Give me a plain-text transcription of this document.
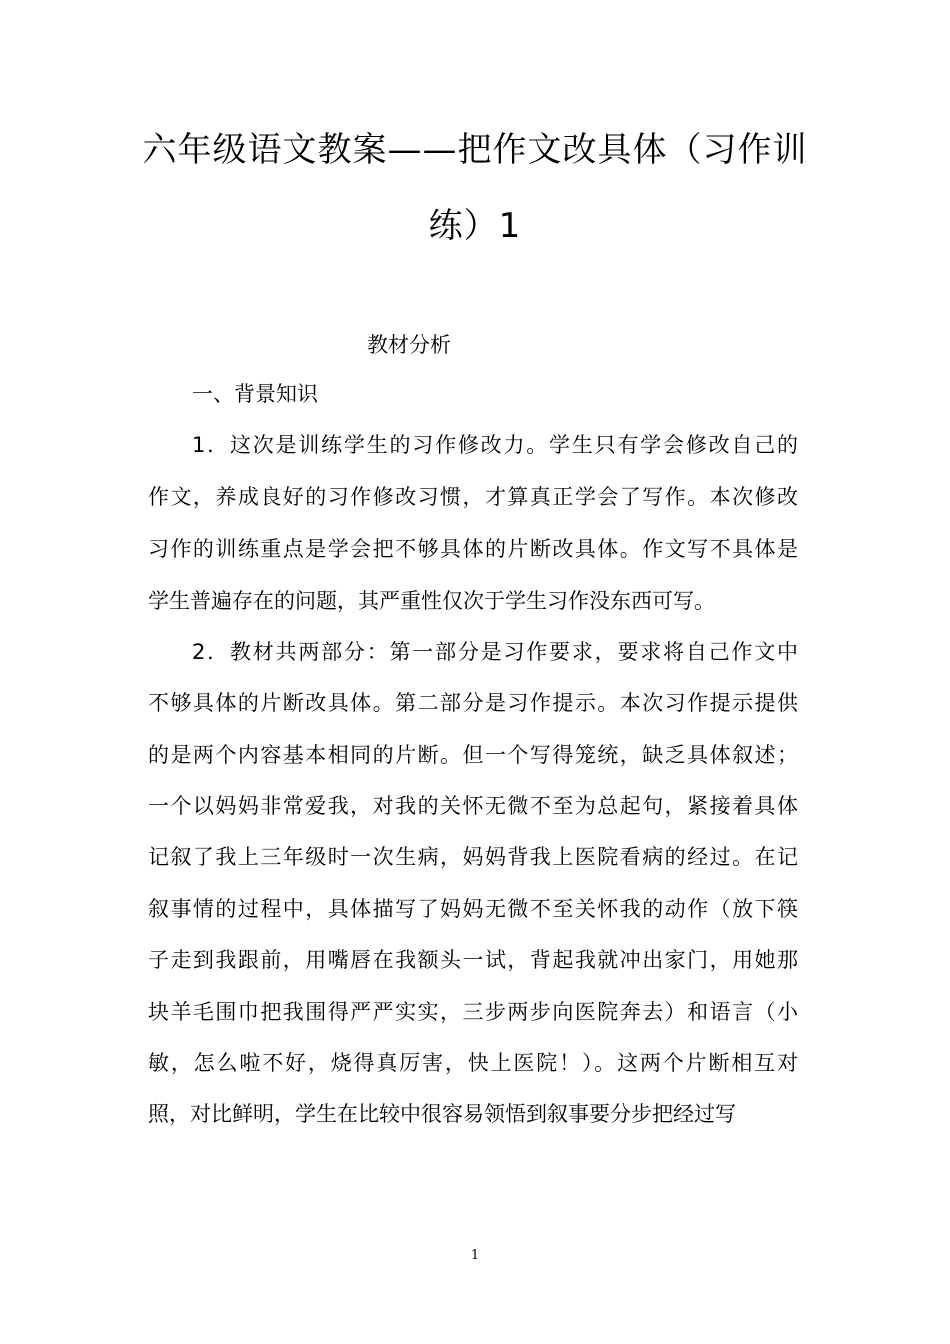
六年级语文教案——把作文改具体（习作训
练）1
教材分析
一、背景知识
1．这次是训练学生的习作修改力。学生只有学会修改自己的
作文，养成良好的习作修改习惯，才算真正学会了写作。本次修改
习作的训练重点是学会把不够具体的片断改具体。作文写不具体是
学生普遍存在的问题，其严重性仅次于学生习作没东西可写。
2．教材共两部分：第一部分是习作要求，要求将自己作文中
不够具体的片断改具体。第二部分是习作提示。本次习作提示提供
的是两个内容基本相同的片断。但一个写得笼统，缺乏具体叙述；
一个以妈妈非常爱我，对我的关怀无微不至为总起句，紧接着具体
记叙了我上三年级时一次生病，妈妈背我上医院看病的经过。在记
叙事情的过程中，具体描写了妈妈无微不至关怀我的动作（放下筷
子走到我跟前，用嘴唇在我额头一试，背起我就冲出家门，用她那
块羊毛围巾把我围得严严实实，三步两步向医院奔去）和语言（小
敏，怎么啦不好，烧得真厉害，快上医院！）。这两个片断相互对
照，对比鲜明，学生在比较中很容易领悟到叙事要分步把经过写
1
